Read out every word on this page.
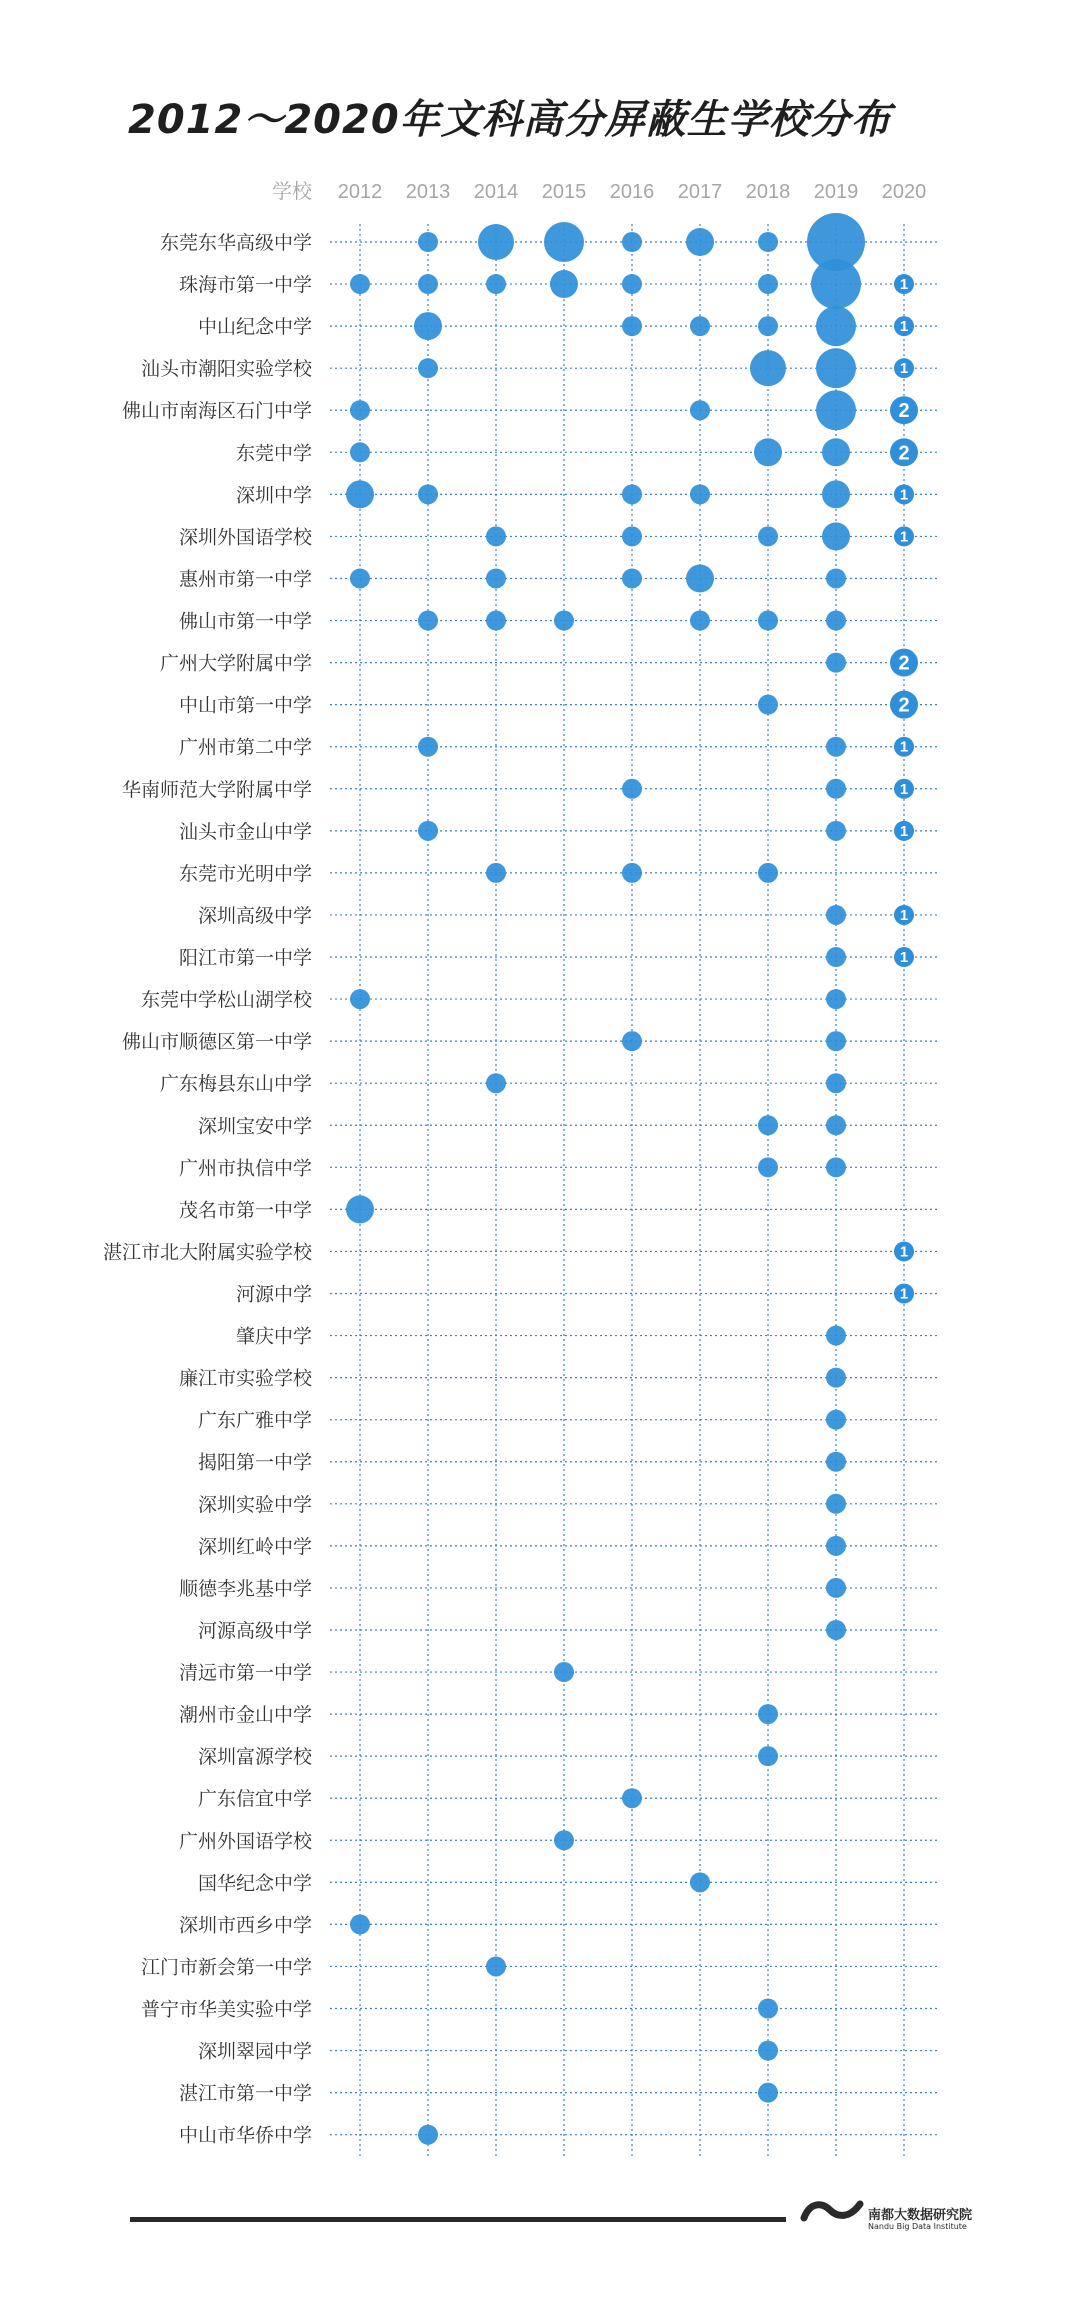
2012～2020年文科高分屏蔽生学校分布
学校 2012 2013 2014 2015 2016 2017 2018 2019 2020
东莞东华高级中学
珠海市第一中学
中山纪念中学
汕头市潮阳实验学校
佛山市南海区石门中学
东莞中学
深圳中学
深圳外国语学校
惠州市第一中学
佛山市第一中学
广州大学附属中学
中山市第一中学
广州市第二中学
华南师范大学附属中学
汕头市金山中学
东莞市光明中学
深圳高级中学
阳江市第一中学
东莞中学松山湖学校
佛山市顺德区第一中学
广东梅县东山中学
深圳宝安中学
广州市执信中学
茂名市第一中学
湛江市北大附属实验学校
河源中学
肇庆中学
廉江市实验学校
广东广雅中学
揭阳第一中学
深圳实验中学
深圳红岭中学
顺德李兆基中学
河源高级中学
清远市第一中学
潮州市金山中学
深圳富源学校
广东信宜中学
广州外国语学校
国华纪念中学
深圳市西乡中学
江门市新会第一中学
普宁市华美实验中学
深圳翠园中学
湛江市第一中学
中山市华侨中学
1
1
1
2
2
1
1
2
2
1
1
1
1
1
1
1
南都大数据研究院
Nandu Big Data Institute
